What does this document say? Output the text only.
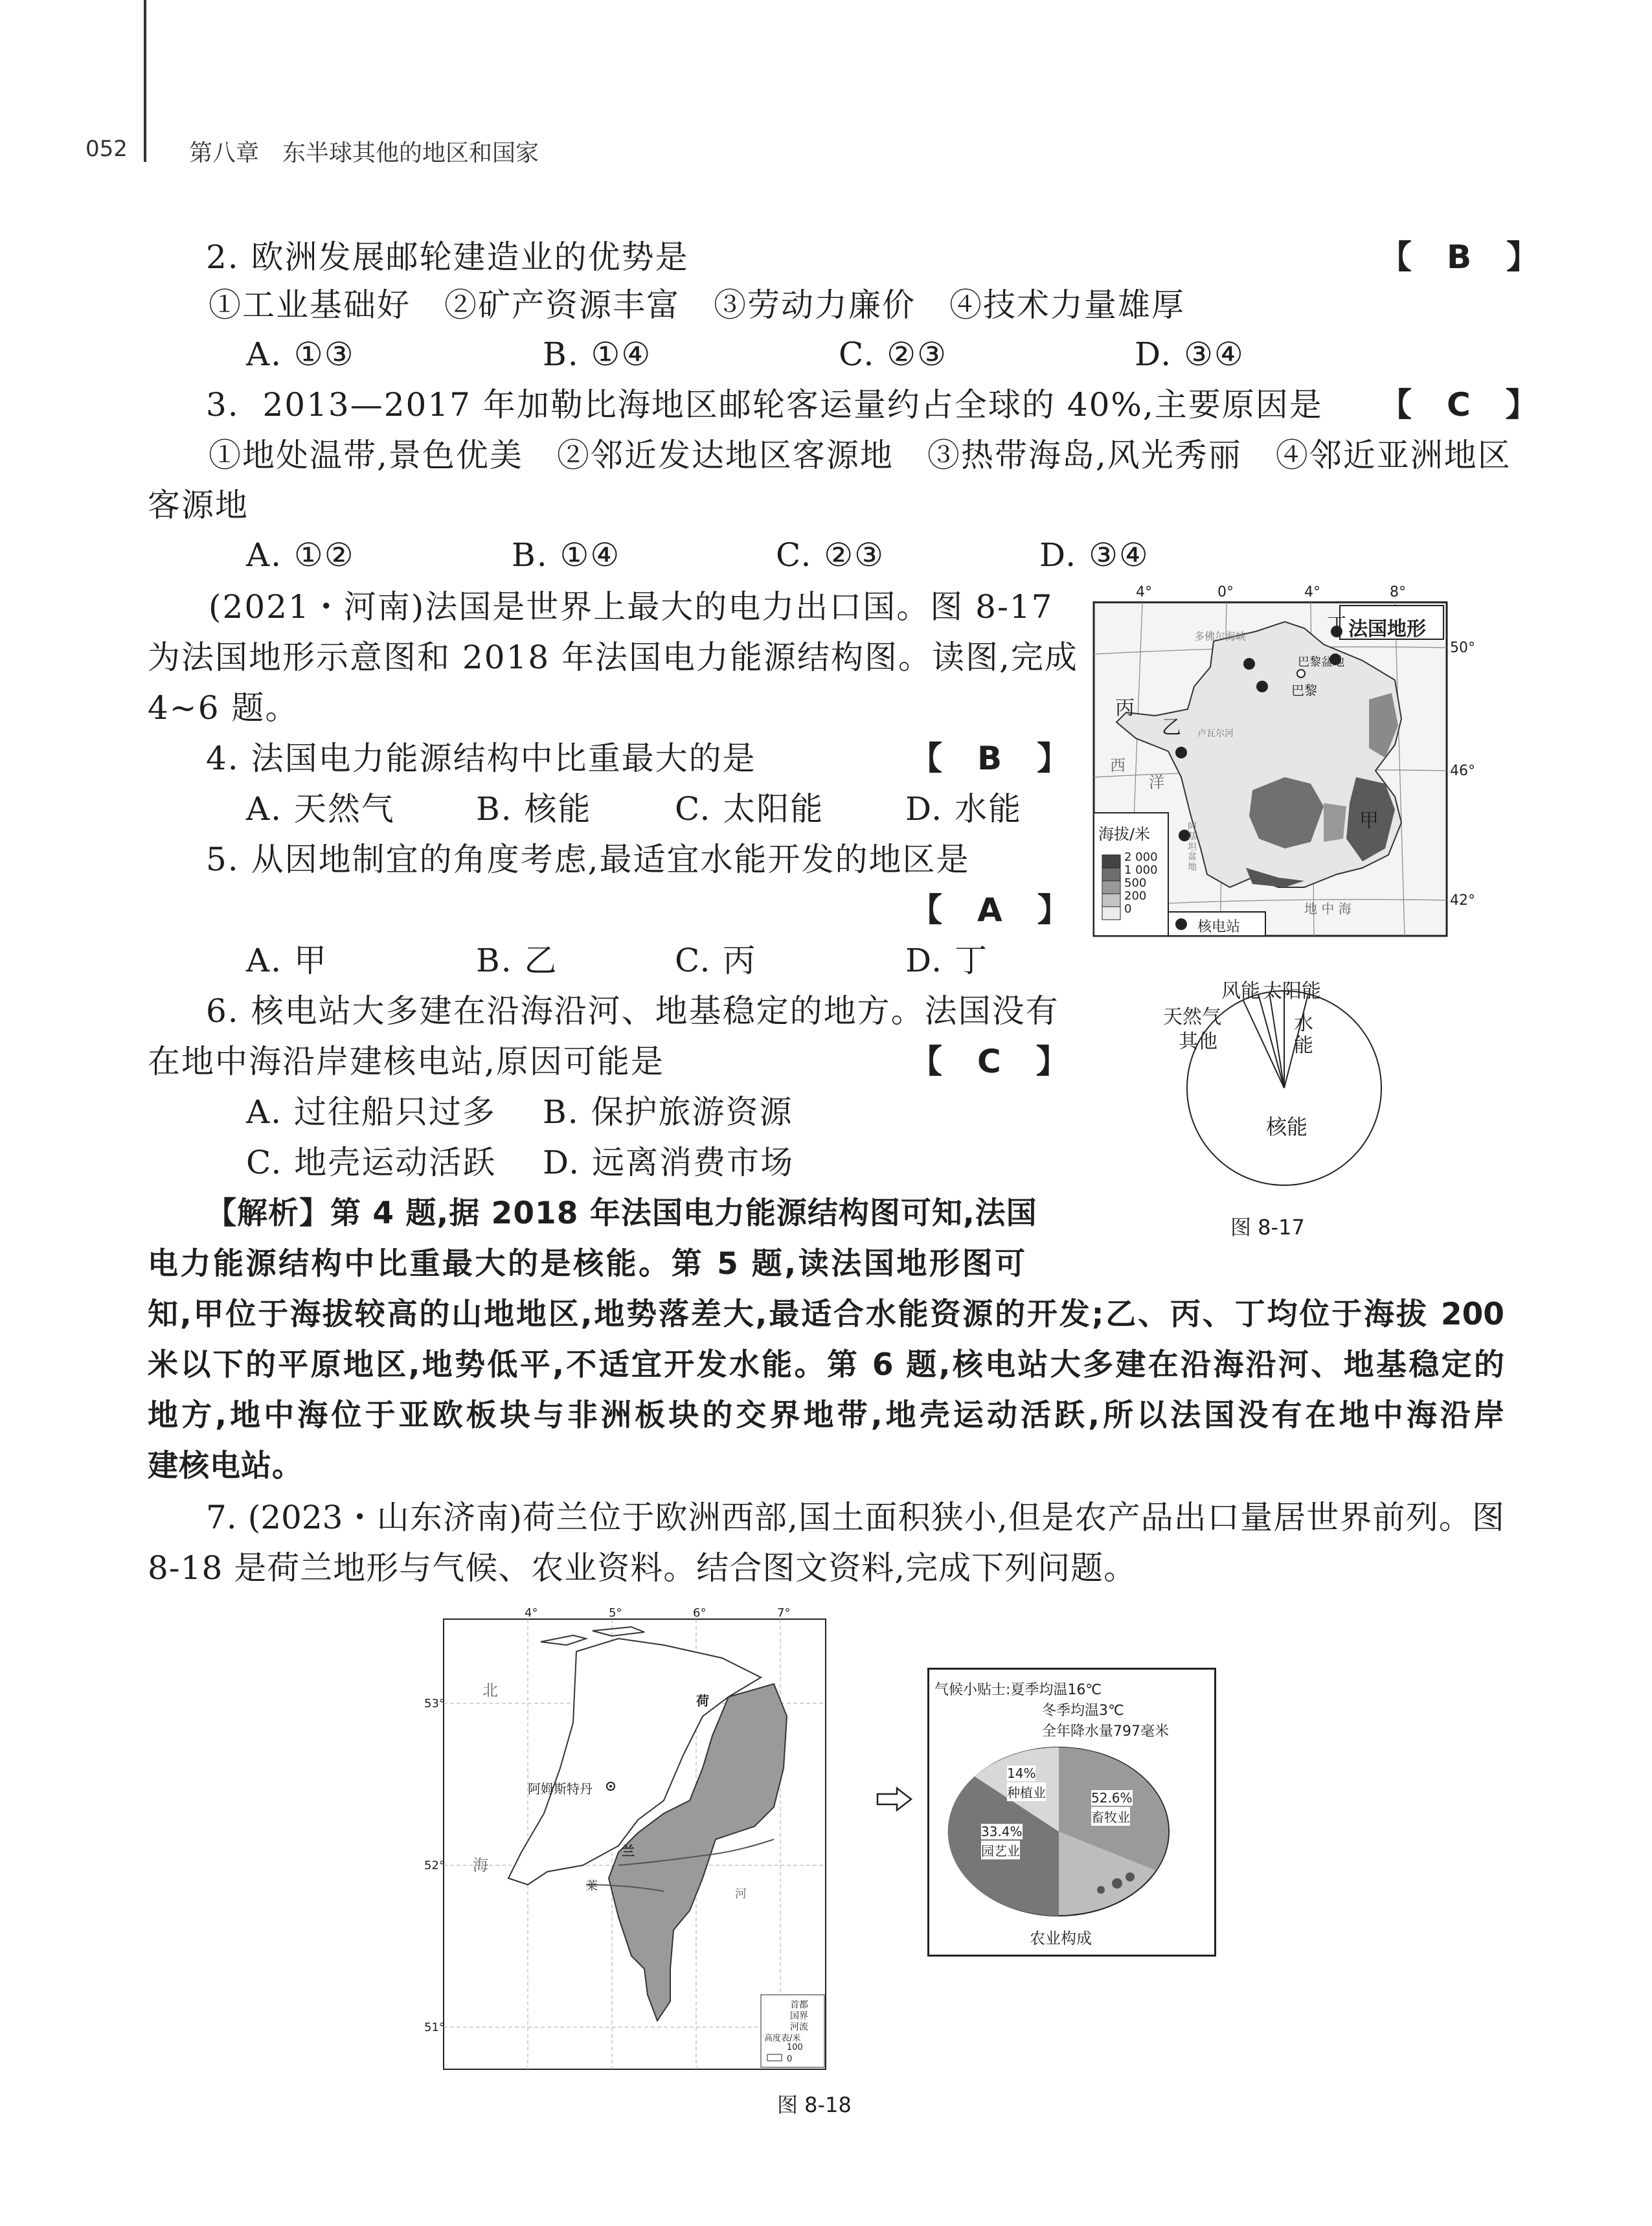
052	第八章　东半球其他的地区和国家
2. 欧洲发展邮轮建造业的优势是	【　B　】
①工业基础好　②矿产资源丰富　③劳动力廉价　④技术力量雄厚
A. ①③	B. ①④	C. ②③	D. ③④
3.  2013—2017 年加勒比海地区邮轮客运量约占全球的 40%,主要原因是 【　C　】
①地处温带,景色优美　②邻近发达地区客源地　③热带海岛,风光秀丽　④邻近亚洲地区
客源地
A. ①②	B. ①④	C. ②③	D. ③④
(2021・河南)法国是世界上最大的电力出口国。图 8-17
为法国地形示意图和 2018 年法国电力能源结构图。读图,完成
4~6 题。
4. 法国电力能源结构中比重最大的是	【　B　】
A. 天然气	B. 核能	C. 太阳能	D. 水能
5. 从因地制宜的角度考虑,最适宜水能开发的地区是
【　A　】
A. 甲	B. 乙	C. 丙	D. 丁
6. 核电站大多建在沿海沿河、地基稳定的地方。法国没有
在地中海沿岸建核电站,原因可能是	【　C　】
A. 过往船只过多 B. 保护旅游资源
C. 地壳运动活跃 D. 远离消费市场
【解析】第 4 题,据 2018 年法国电力能源结构图可知,法国
电力能源结构中比重最大的是核能。第 5 题,读法国地形图可
知,甲位于海拔较高的山地地区,地势落差大,最适合水能资源的开发;乙、丙、丁均位于海拔 200
米以下的平原地区,地势低平,不适宜开发水能。第 6 题,核电站大多建在沿海沿河、地基稳定的
地方,地中海位于亚欧板块与非洲板块的交界地带,地壳运动活跃,所以法国没有在地中海沿岸
建核电站。
7. (2023・山东济南)荷兰位于欧洲西部,国土面积狭小,但是农产品出口量居世界前列。图
8-18 是荷兰地形与气候、农业资料。结合图文资料,完成下列问题。
4°	0°	4°	8°
50°
46°
42°
法国地形
丁
丙
乙
甲
巴黎
巴黎盆地
多佛尔海峡
西
洋
地 中 海
卢瓦尔河
阿基坦盆地
海拔/米
2 000
1 000
500
200
0
核电站
风能 太阳能
天然气
其他
水
能
核能
图 8-17
4°	5°	6°	7°
53°
52°
51°
北
海
荷
兰
阿姆斯特丹
莱
河
首都
国界
河流
高度表/米
100
0
气候小贴士:夏季均温16℃
冬季均温3℃
全年降水量797毫米
14%
种植业	52.6%
畜牧业
33.4%
园艺业
农业构成
图 8-18
